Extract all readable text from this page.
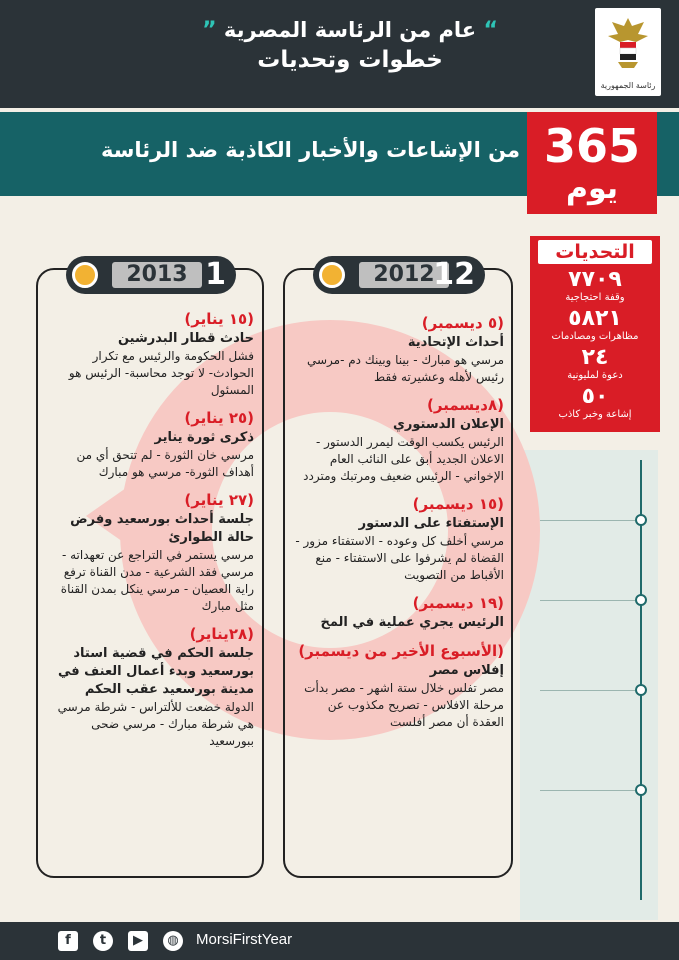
“ عام من الرئاسة المصرية ”
خطوات وتحديات
رئاسة الجمهورية
من الإشاعات والأخبار الكاذبة ضد الرئاسة 365
يوم
التحديات
٧٧٠٩
وقفة احتجاجية
٥٨٢١
مظاهرات ومصادمات
٢٤
دعوة لمليونية
٥٠
إشاعة وخبر كاذب
2013 1	2012
12
(١٥ يناير)
حادث قطار البدرشين
فشل الحكومة والرئيس مع تكرار الحوادث- لا توجد محاسبة- الرئيس هو المسئول
(٢٥ يناير)
ذكرى ثورة يناير
مرسي خان الثورة - لم تتحق أي من أهداف الثورة- مرسي هو مبارك
(٢٧ يناير)
جلسة أحداث بورسعيد وفرض حالة الطوارئ
مرسي يستمر في التراجع عن تعهداته - مرسي فقد الشرعية - مدن القناة ترفع راية العصيان - مرسي ينكل بمدن القناة مثل مبارك
(٢٨يناير)
جلسة الحكم في قضية استاد بورسعيد وبدء أعمال العنف في مدينة بورسعيد عقب الحكم
الدولة خضعت للألتراس - شرطة مرسي هي شرطة مبارك - مرسي ضحى ببورسعيد
(٥ ديسمبر)
أحداث الإتحادية
مرسي هو مبارك - بينا وبينك دم -مرسي رئيس لأهله وعشيرته فقط
(٨ديسمبر)
الإعلان الدستوري
الرئيس يكسب الوقت ليمرر الدستور - الاعلان الجديد أبق على النائب العام الإخواني - الرئيس ضعيف ومرتبك ومتردد
(١٥ ديسمبر)
الإستفتاء على الدستور
مرسي أخلف كل وعوده - الاستفتاء مزور - القضاة لم يشرفوا على الاستفتاء - منع الأقباط من التصويت
(١٩ ديسمبر)
الرئيس يجري عملية في المخ
(الأسبوع الأخير من ديسمبر)
إفلاس مصر
مصر تفلس خلال ستة اشهر - مصر بدأت مرحلة الافلاس - تصريح مكذوب عن العقدة أن مصر أفلست
f	t	▶	◍ MorsiFirstYear
